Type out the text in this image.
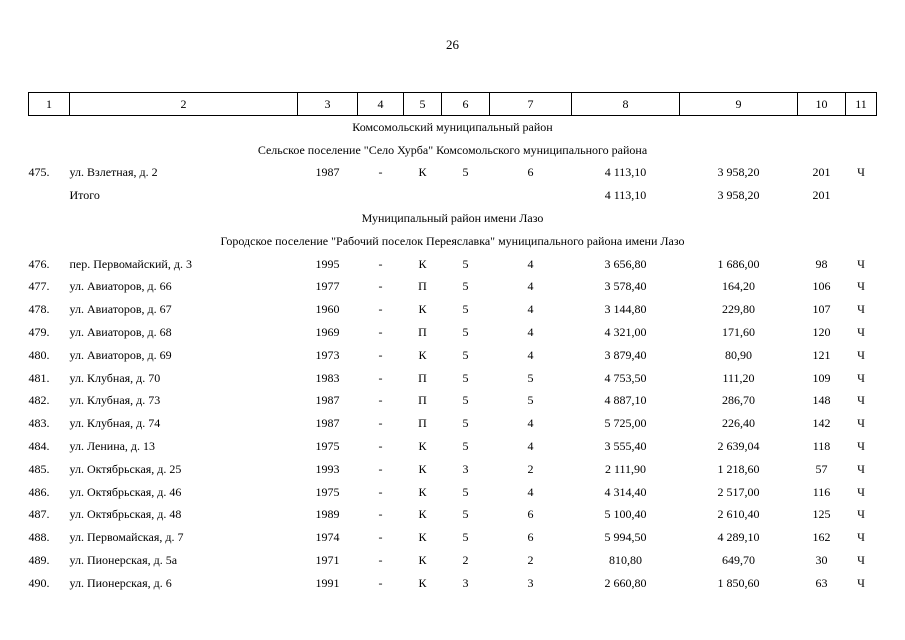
26
1	2	3	4	5	6	7	8	9	10	11
Комсомольский муниципальный район										
Сельское поселение "Село Хурба" Комсомольского муниципального района										
475.	ул. Взлетная, д. 2	1987	-	К	5	6	4 113,10	3 958,20	201	Ч
	Итого						4 113,10	3 958,20	201	
Муниципальный район имени Лазо										
Городское поселение "Рабочий поселок Переяславка" муниципального района имени Лазо										
476.	пер. Первомайский, д. 3	1995	-	К	5	4	3 656,80	1 686,00	98	Ч
477.	ул. Авиаторов, д. 66	1977	-	П	5	4	3 578,40	164,20	106	Ч
478.	ул. Авиаторов, д. 67	1960	-	К	5	4	3 144,80	229,80	107	Ч
479.	ул. Авиаторов, д. 68	1969	-	П	5	4	4 321,00	171,60	120	Ч
480.	ул. Авиаторов, д. 69	1973	-	К	5	4	3 879,40	80,90	121	Ч
481.	ул. Клубная, д. 70	1983	-	П	5	5	4 753,50	111,20	109	Ч
482.	ул. Клубная, д. 73	1987	-	П	5	5	4 887,10	286,70	148	Ч
483.	ул. Клубная, д. 74	1987	-	П	5	4	5 725,00	226,40	142	Ч
484.	ул. Ленина, д. 13	1975	-	К	5	4	3 555,40	2 639,04	118	Ч
485.	ул. Октябрьская, д. 25	1993	-	К	3	2	2 111,90	1 218,60	57	Ч
486.	ул. Октябрьская, д. 46	1975	-	К	5	4	4 314,40	2 517,00	116	Ч
487.	ул. Октябрьская, д. 48	1989	-	К	5	6	5 100,40	2 610,40	125	Ч
488.	ул. Первомайская, д. 7	1974	-	К	5	6	5 994,50	4 289,10	162	Ч
489.	ул. Пионерская, д. 5а	1971	-	К	2	2	810,80	649,70	30	Ч
490.	ул. Пионерская, д. 6	1991	-	К	3	3	2 660,80	1 850,60	63	Ч
